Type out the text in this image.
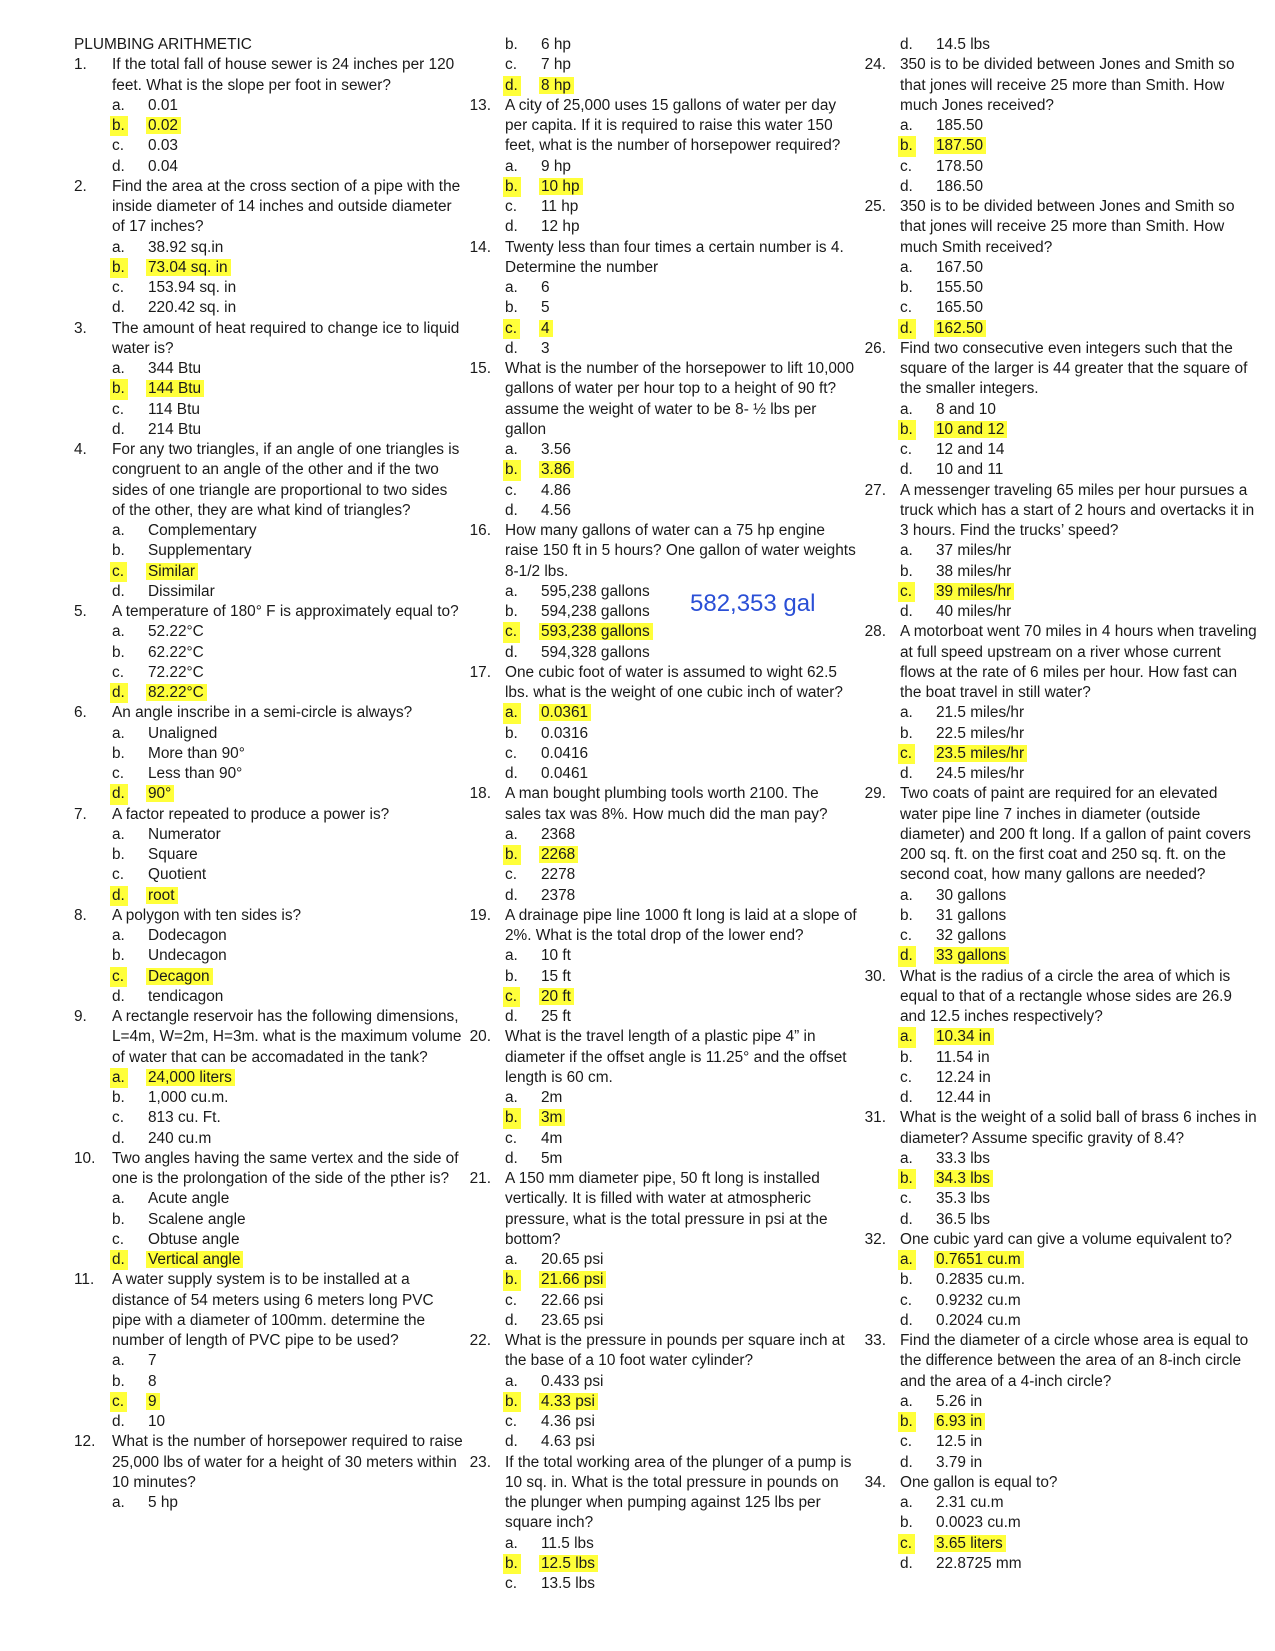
PLUMBING ARITHMETIC
1.	If the total fall of house sewer is 24 inches per 120 feet. What is the slope per foot in sewer?
a. 0.01
b. 0.02
c. 0.03
d. 0.04
2.	Find the area at the cross section of a pipe with the inside diameter of 14 inches and outside diameter of 17 inches?
a. 38.92 sq.in
b. 73.04 sq. in
c. 153.94 sq. in
d. 220.42 sq. in
3.	The amount of heat required to change ice to liquid water is?
a. 344 Btu
b. 144 Btu
c. 114 Btu
d. 214 Btu
4.	For any two triangles, if an angle of one triangles is congruent to an angle of the other and if the two sides of one triangle are proportional to two sides of the other, they are what kind of triangles?
a. Complementary
b. Supplementary
c. Similar
d. Dissimilar
5.	A temperature of 180° F is approximately equal to?
a. 52.22°C
b. 62.22°C
c. 72.22°C
d. 82.22°C
6.	An angle inscribe in a semi-circle is always?
a. Unaligned
b. More than 90°
c. Less than 90°
d. 90°
7.	A factor repeated to produce a power is?
a. Numerator
b. Square
c. Quotient
d. root
8.	A polygon with ten sides is?
a. Dodecagon
b. Undecagon
c. Decagon
d. tendicagon
9.	A rectangle reservoir has the following dimensions, L=4m, W=2m, H=3m. what is the maximum volume of water that can be accomadated in the tank?
a. 24,000 liters
b. 1,000 cu.m.
c. 813 cu. Ft.
d. 240 cu.m
10.	Two angles having the same vertex and the side of one is the prolongation of the side of the pther is?
a. Acute angle
b. Scalene angle
c. Obtuse angle
d. Vertical angle
11.	A water supply system is to be installed at a distance of 54 meters using 6 meters long PVC pipe with a diameter of 100mm. determine the number of length of PVC pipe to be used?
a. 7
b. 8
c. 9
d. 10
12.	What is the number of horsepower required to raise 25,000 lbs of water for a height of 30 meters within 10 minutes?
a. 5 hp
b. 6 hp
c. 7 hp
d. 8 hp
13. A city of 25,000 uses 15 gallons of water per day per capita. If it is required to raise this water 150 feet, what is the number of horsepower required?
a. 9 hp
b. 10 hp
c. 11 hp
d. 12 hp
14. Twenty less than four times a certain number is 4. Determine the number
a. 6
b. 5
c. 4
d. 3
15. What is the number of the horsepower to lift 10,000 gallons of water per hour top to a height of 90 ft? assume the weight of water to be 8- ½ lbs per gallon
a. 3.56
b. 3.86
c. 4.86
d. 4.56
16. How many gallons of water can a 75 hp engine raise 150 ft in 5 hours? One gallon of water weights 8-1/2 lbs.
a. 595,238 gallons
b. 594,238 gallons
c. 593,238 gallons
d. 594,328 gallons
17. One cubic foot of water is assumed to wight 62.5 lbs. what is the weight of one cubic inch of water?
a. 0.0361
b. 0.0316
c. 0.0416
d. 0.0461
18. A man bought plumbing tools worth 2100. The sales tax was 8%. How much did the man pay?
a. 2368
b. 2268
c. 2278
d. 2378
19. A drainage pipe line 1000 ft long is laid at a slope of 2%. What is the total drop of the lower end?
a. 10 ft
b. 15 ft
c. 20 ft
d. 25 ft
20. What is the travel length of a plastic pipe 4” in diameter if the offset angle is 11.25° and the offset length is 60 cm.
a. 2m
b. 3m
c. 4m
d. 5m
21. A 150 mm diameter pipe, 50 ft long is installed vertically. It is filled with water at atmospheric pressure, what is the total pressure in psi at the bottom?
a. 20.65 psi
b. 21.66 psi
c. 22.66 psi
d. 23.65 psi
22. What is the pressure in pounds per square inch at the base of a 10 foot water cylinder?
a. 0.433 psi
b. 4.33 psi
c. 4.36 psi
d. 4.63 psi
23. If the total working area of the plunger of a pump is 10 sq. in. What is the total pressure in pounds on the plunger when pumping against 125 lbs per square inch?
a. 11.5 lbs
b. 12.5 lbs
c. 13.5 lbs
d. 14.5 lbs
24. 350 is to be divided between Jones and Smith so that jones will receive 25 more than Smith. How much Jones received?
a. 185.50
b. 187.50
c. 178.50
d. 186.50
25. 350 is to be divided between Jones and Smith so that jones will receive 25 more than Smith. How much Smith received?
a. 167.50
b. 155.50
c. 165.50
d. 162.50
26. Find two consecutive even integers such that the square of the larger is 44 greater that the square of the smaller integers.
a. 8 and 10
b. 10 and 12
c. 12 and 14
d. 10 and 11
27. A messenger traveling 65 miles per hour pursues a truck which has a start of 2 hours and overtacks it in 3 hours. Find the trucks’ speed?
a. 37 miles/hr
b. 38 miles/hr
c. 39 miles/hr
d. 40 miles/hr
28. A motorboat went 70 miles in 4 hours when traveling at full speed upstream on a river whose current flows at the rate of 6 miles per hour. How fast can the boat travel in still water?
a. 21.5 miles/hr
b. 22.5 miles/hr
c. 23.5 miles/hr
d. 24.5 miles/hr
29. Two coats of paint are required for an elevated water pipe line 7 inches in diameter (outside diameter) and 200 ft long. If a gallon of paint covers 200 sq. ft. on the first coat and 250 sq. ft. on the second coat, how many gallons are needed?
a. 30 gallons
b. 31 gallons
c. 32 gallons
d. 33 gallons
30. What is the radius of a circle the area of which is equal to that of a rectangle whose sides are 26.9 and 12.5 inches respectively?
a. 10.34 in
b. 11.54 in
c. 12.24 in
d. 12.44 in
31. What is the weight of a solid ball of brass 6 inches in diameter? Assume specific gravity of 8.4?
a. 33.3 lbs
b. 34.3 lbs
c. 35.3 lbs
d. 36.5 lbs
32. One cubic yard can give a volume equivalent to?
a. 0.7651 cu.m
b. 0.2835 cu.m.
c. 0.9232 cu.m
d. 0.2024 cu.m
33. Find the diameter of a circle whose area is equal to the difference between the area of an 8-inch circle and the area of a 4-inch circle?
a. 5.26 in
b. 6.93 in
c. 12.5 in
d. 3.79 in
34. One gallon is equal to?
a. 2.31 cu.m
b. 0.0023 cu.m
c. 3.65 liters
d. 22.8725 mm
582,353 gal
